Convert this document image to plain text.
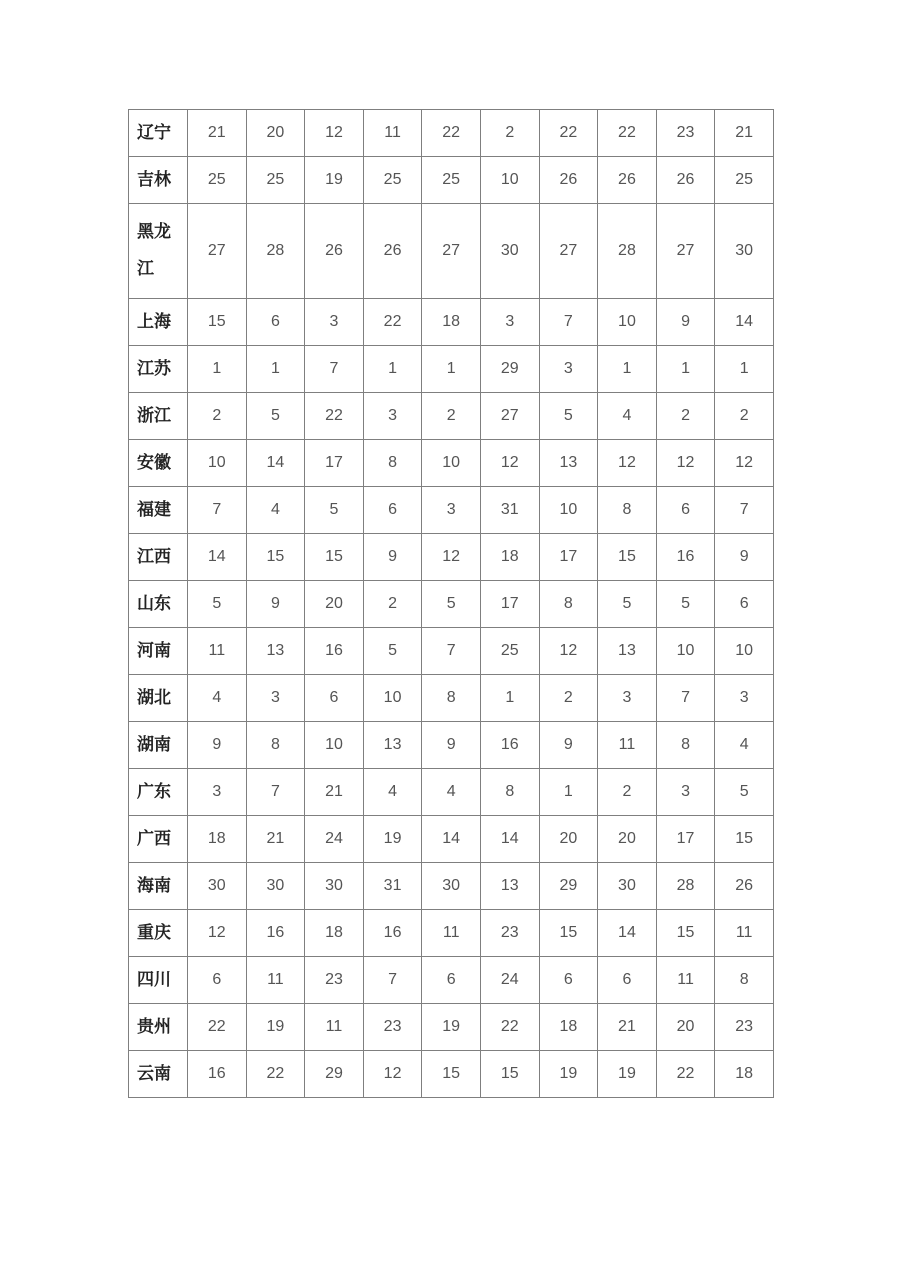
辽宁	21	20	12	11	22	2	22	22	23	21
吉林	25	25	19	25	25	10	26	26	26	25
黑龙
江	27	28	26	26	27	30	27	28	27	30
上海	15	6	3	22	18	3	7	10	9	14
江苏	1	1	7	1	1	29	3	1	1	1
浙江	2	5	22	3	2	27	5	4	2	2
安徽	10	14	17	8	10	12	13	12	12	12
福建	7	4	5	6	3	31	10	8	6	7
江西	14	15	15	9	12	18	17	15	16	9
山东	5	9	20	2	5	17	8	5	5	6
河南	11	13	16	5	7	25	12	13	10	10
湖北	4	3	6	10	8	1	2	3	7	3
湖南	9	8	10	13	9	16	9	11	8	4
广东	3	7	21	4	4	8	1	2	3	5
广西	18	21	24	19	14	14	20	20	17	15
海南	30	30	30	31	30	13	29	30	28	26
重庆	12	16	18	16	11	23	15	14	15	11
四川	6	11	23	7	6	24	6	6	11	8
贵州	22	19	11	23	19	22	18	21	20	23
云南	16	22	29	12	15	15	19	19	22	18
